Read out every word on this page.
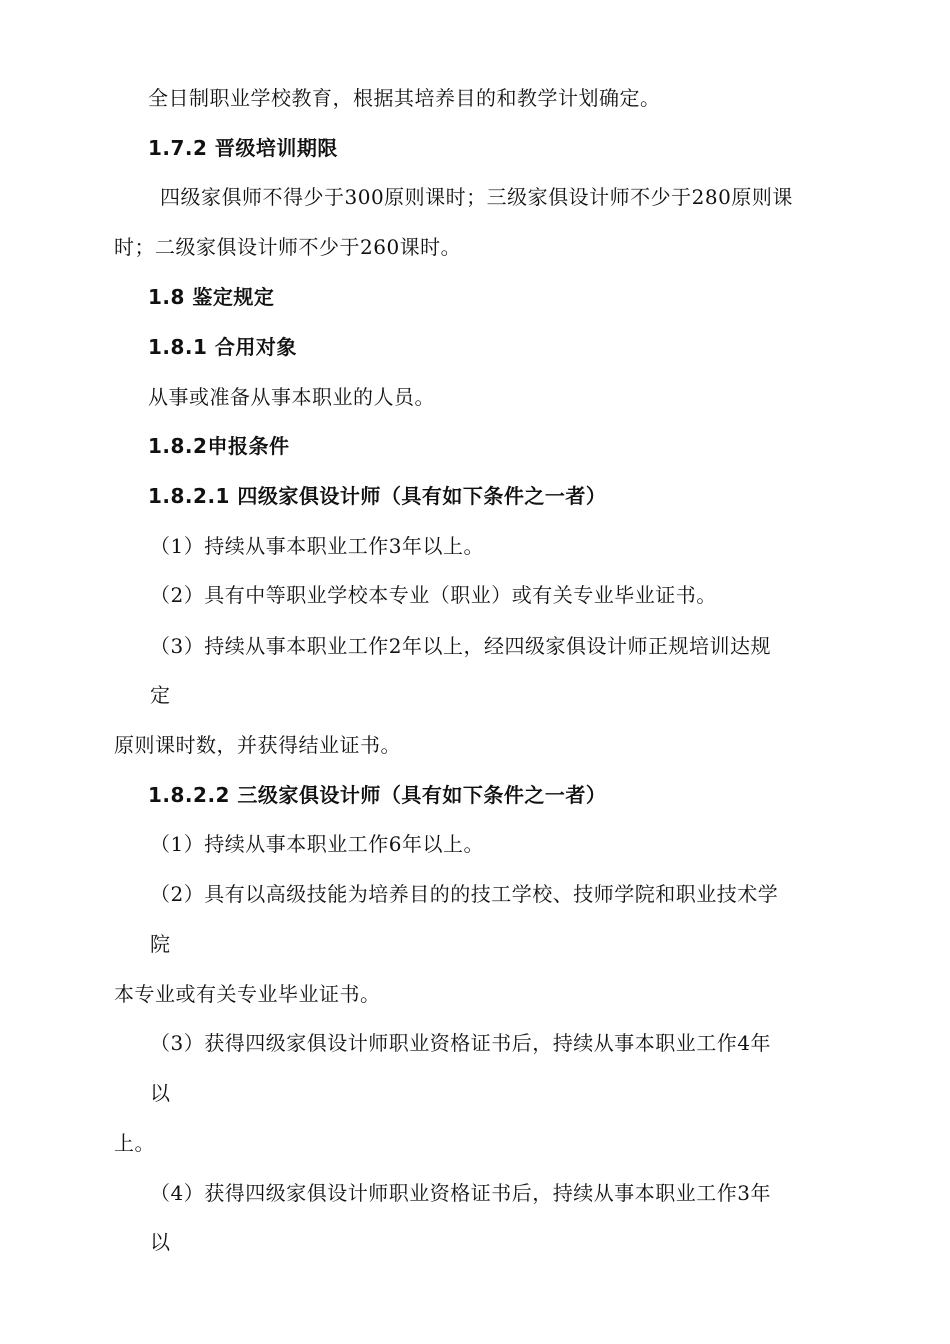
全日制职业学校教育，根据其培养目的和教学计划确定。
1.7.2 晋级培训期限
四级家俱师不得少于300原则课时；三级家俱设计师不少于280原则课
时；二级家俱设计师不少于260课时。
1.8 鉴定规定
1.8.1 合用对象
从事或准备从事本职业的人员。
1.8.2申报条件
1.8.2.1 四级家俱设计师（具有如下条件之一者）
（1）持续从事本职业工作3年以上。
（2）具有中等职业学校本专业（职业）或有关专业毕业证书。
（3）持续从事本职业工作2年以上，经四级家俱设计师正规培训达规
定
原则课时数，并获得结业证书。
1.8.2.2 三级家俱设计师（具有如下条件之一者）
（1）持续从事本职业工作6年以上。
（2）具有以高级技能为培养目的的技工学校、技师学院和职业技术学
院
本专业或有关专业毕业证书。
（3）获得四级家俱设计师职业资格证书后，持续从事本职业工作4年
以
上。
（4）获得四级家俱设计师职业资格证书后，持续从事本职业工作3年
以
